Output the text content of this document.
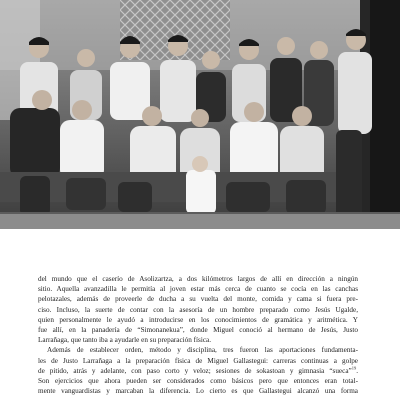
del mundo que el caserío de Asolizartza, a dos kilómetros largos de allí en dirección a ningún
sitio. Aquella avanzadilla le permitía al joven estar más cerca de cuanto se cocía en las canchas
pelotazales, además de proveerle de ducha a su vuelta del monte, comida y cama si fuera pre-
ciso. Incluso, la suerte de contar con la asesoría de un hombre preparado como Jesús Ugalde,
quien personalmente le ayudó a introducirse en los conocimientos de gramática y aritmética. Y
fue allí, en la panadería de “Simonanekua”, donde Miguel conoció al hermano de Jesús, Justo
Larrañaga, que tanto iba a ayudarle en su preparación física.

Además de establecer orden, método y disciplina, tres fueron las aportaciones fundamenta-
les de Justo Larrañaga a la preparación física de Miguel Gallastegui: carreras continuas a golpe
de pitido, atrás y adelante, con paso corto y veloz; sesiones de sokastoan y gimnasia “sueca”$^{19}$.
Son ejercicios que ahora pueden ser considerados como básicos pero que entonces eran total-
mente vanguardistas y marcaban la diferencia. Lo cierto es que Gallastegui alcanzó una forma
